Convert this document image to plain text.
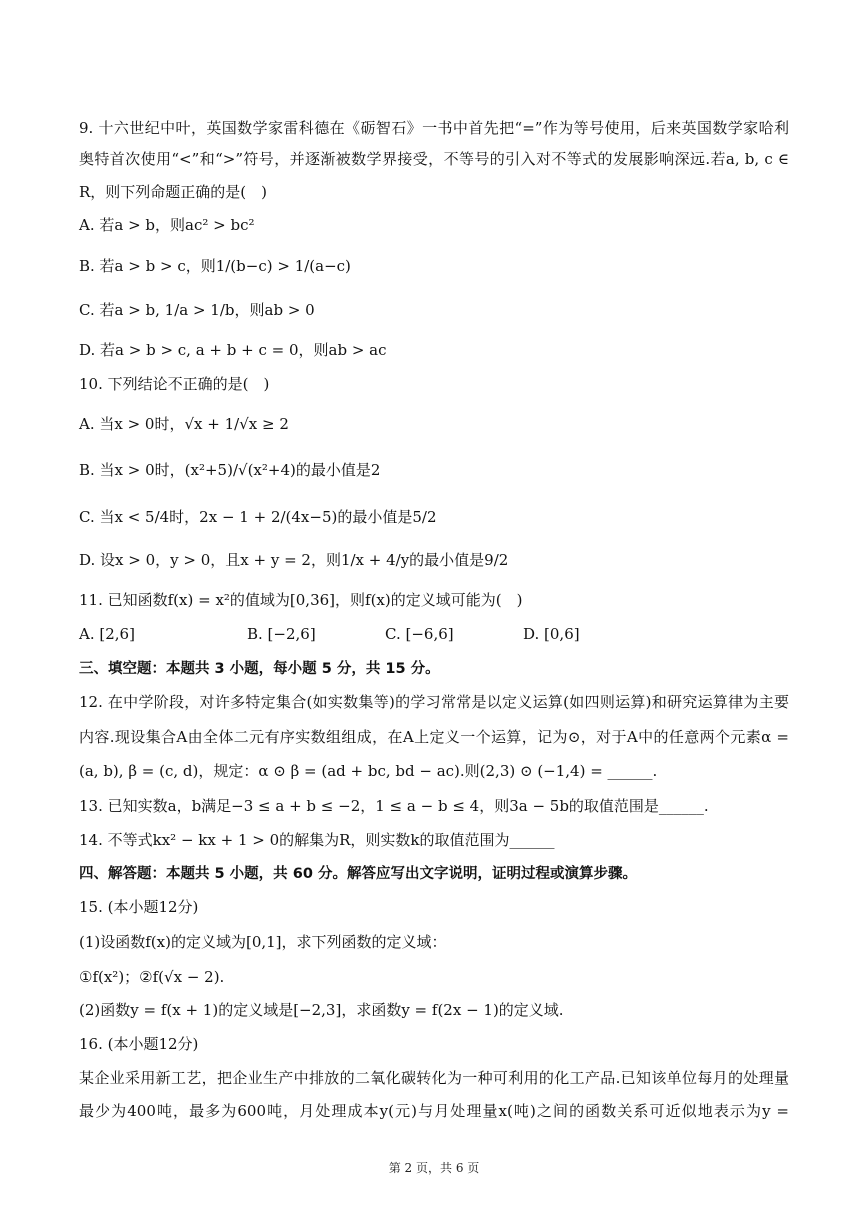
9. 十六世纪中叶，英国数学家雷科德在《砺智石》一书中首先把“=”作为等号使用，后来英国数学家哈利
奥特首次使用“<”和“>”符号，并逐渐被数学界接受，不等号的引入对不等式的发展影响深远.若a, b, c ∈
R，则下列命题正确的是(　)
A. 若a > b，则ac² > bc²
B. 若a > b > c，则1/(b−c) > 1/(a−c)
C. 若a > b, 1/a > 1/b，则ab > 0
D. 若a > b > c, a + b + c = 0，则ab > ac
10. 下列结论不正确的是(　)
A. 当x > 0时，√x + 1/√x ≥ 2
B. 当x > 0时，(x²+5)/√(x²+4)的最小值是2
C. 当x < 5/4时，2x − 1 + 2/(4x−5)的最小值是5/2
D. 设x > 0，y > 0，且x + y = 2，则1/x + 4/y的最小值是9/2
11. 已知函数f(x) = x²的值域为[0,36]，则f(x)的定义域可能为(　)
A. [2,6]	B. [−2,6]	C. [−6,6]	D. [0,6]
三、填空题：本题共 3 小题，每小题 5 分，共 15 分。
12. 在中学阶段，对许多特定集合(如实数集等)的学习常常是以定义运算(如四则运算)和研究运算律为主要
内容.现设集合A由全体二元有序实数组组成，在A上定义一个运算，记为⊙，对于A中的任意两个元素α =
(a, b), β = (c, d)，规定：α ⊙ β = (ad + bc, bd − ac).则(2,3) ⊙ (−1,4) = ______.
13. 已知实数a，b满足−3 ≤ a + b ≤ −2，1 ≤ a − b ≤ 4，则3a − 5b的取值范围是______.
14. 不等式kx² − kx + 1 > 0的解集为R，则实数k的取值范围为______
四、解答题：本题共 5 小题，共 60 分。解答应写出文字说明，证明过程或演算步骤。
15. (本小题12分)
(1)设函数f(x)的定义域为[0,1]，求下列函数的定义域：
①f(x²)；②f(√x − 2).
(2)函数y = f(x + 1)的定义域是[−2,3]，求函数y = f(2x − 1)的定义域.
16. (本小题12分)
某企业采用新工艺，把企业生产中排放的二氧化碳转化为一种可利用的化工产品.已知该单位每月的处理量
最少为400吨，最多为600吨，月处理成本y(元)与月处理量x(吨)之间的函数关系可近似地表示为y =
第 2 页，共 6 页
